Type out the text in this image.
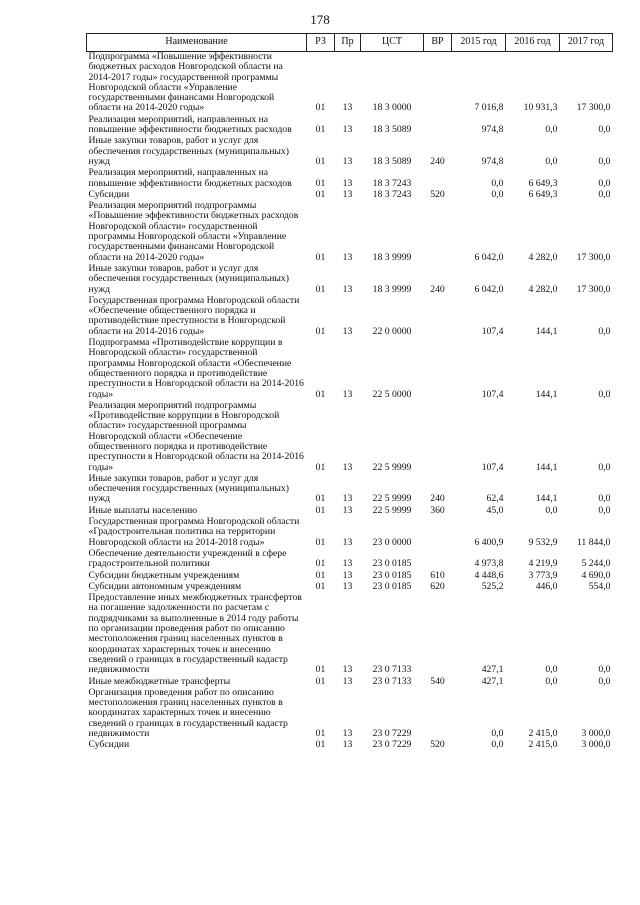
178
Наименование	РЗ	Пр	ЦСТ	ВР	2015 год	2016 год	2017 год
Подпрограмма «Повышение эффективности бюджетных расходов Новгородской области на 2014-2017 годы» государственной программы Новгородской области «Управление государственными финансами Новгородской области на 2014-2020 годы»	01	13	18 3 0000		7 016,8	10 931,3	17 300,0
Реализация мероприятий, направленных на повышение эффективности бюджетных расходов	01	13	18 3 5089		974,8	0,0	0,0
Иные закупки товаров, работ и услуг для обеспечения государственных (муниципальных) нужд	01	13	18 3 5089	240	974,8	0,0	0,0
Реализация мероприятий, направленных на повышение эффективности бюджетных расходов	01	13	18 3 7243		0,0	6 649,3	0,0
Субсидии	01	13	18 3 7243	520	0,0	6 649,3	0,0
Реализация мероприятий подпрограммы «Повышение эффективности бюджетных расходов Новгородской области» государственной программы Новгородской области «Управление государственными финансами Новгородской области на 2014-2020 годы»	01	13	18 3 9999		6 042,0	4 282,0	17 300,0
Иные закупки товаров, работ и услуг для обеспечения государственных (муниципальных) нужд	01	13	18 3 9999	240	6 042,0	4 282,0	17 300,0
Государственная программа Новгородской области «Обеспечение общественного порядка и противодействие преступности в Новгородской области на 2014-2016 годы»	01	13	22 0 0000		107,4	144,1	0,0
Подпрограмма «Противодействие коррупции в Новгородской области» государственной программы Новгородской области «Обеспечение общественного порядка и противодействие преступности в Новгородской области на 2014-2016 годы»	01	13	22 5 0000		107,4	144,1	0,0
Реализация мероприятий подпрограммы «Противодействие коррупции в Новгородской области» государственной программы Новгородской области «Обеспечение общественного порядка и противодействие преступности в Новгородской области на 2014-2016 годы»	01	13	22 5 9999		107,4	144,1	0,0
Иные закупки товаров, работ и услуг для обеспечения государственных (муниципальных) нужд	01	13	22 5 9999	240	62,4	144,1	0,0
Иные выплаты населению	01	13	22 5 9999	360	45,0	0,0	0,0
Государственная программа Новгородской области «Градостроительная политика на территории Новгородской области на 2014-2018 годы»	01	13	23 0 0000		6 400,9	9 532,9	11 844,0
Обеспечение деятельности учреждений в сфере градостроительной политики	01	13	23 0 0185		4 973,8	4 219,9	5 244,0
Субсидии бюджетным учреждениям	01	13	23 0 0185	610	4 448,6	3 773,9	4 690,0
Субсидии автономным учреждениям	01	13	23 0 0185	620	525,2	446,0	554,0
Предоставление иных межбюджетных трансфертов на погашение задолженности по расчетам с подрядчиками за выполненные в 2014 году работы по организации проведения работ по описанию местоположения границ населенных пунктов в координатах характерных точек и внесению сведений о границах в государственный кадастр недвижимости	01	13	23 0 7133		427,1	0,0	0,0
Иные межбюджетные трансферты	01	13	23 0 7133	540	427,1	0,0	0,0
Организация проведения работ по описанию местоположения границ населенных пунктов в координатах характерных точек и внесению сведений о границах в государственный кадастр недвижимости	01	13	23 0 7229		0,0	2 415,0	3 000,0
Субсидии	01	13	23 0 7229	520	0,0	2 415,0	3 000,0
